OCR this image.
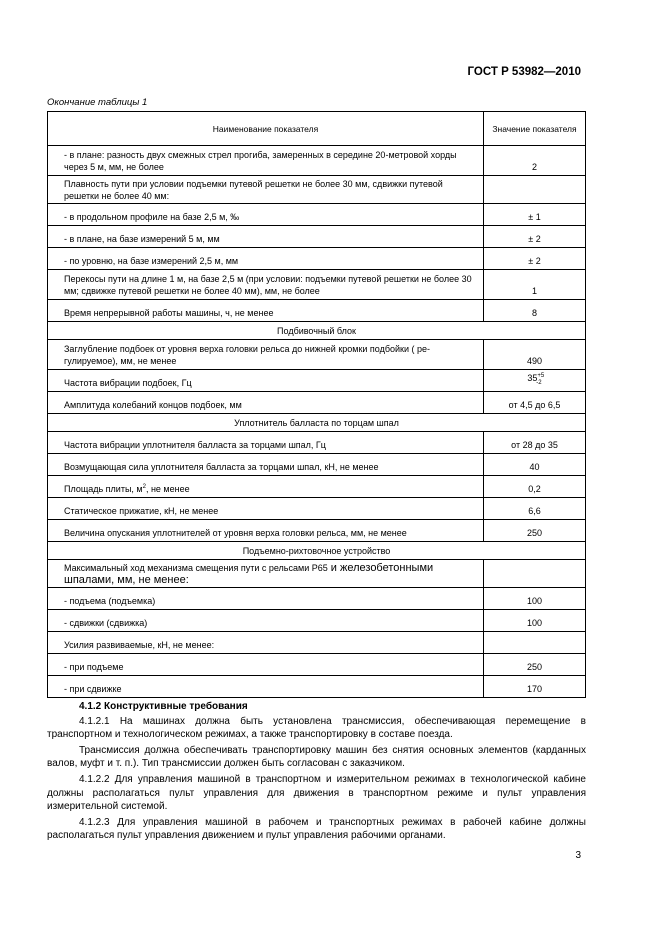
ГОСТ Р 53982—2010
Окончание таблицы 1
Наименование показателя	Значение показателя
- в плане: разность двух смежных стрел прогиба, замеренных в середине 20-метровой хорды через 5 м, мм, не более	2
Плавность пути при условии подъемки путевой решетки не более 30 мм, сдвижки путевой решетки не более 40 мм:	
- в продольном профиле на базе 2,5 м, ‰	± 1
- в плане, на базе измерений 5 м, мм	± 2
- по уровню, на базе измерений 2,5 м, мм	± 2
Перекосы пути на длине 1 м, на базе 2,5 м (при условии: подъемки путевой решетки не более 30 мм; сдвижке путевой решетки не более 40 мм), мм, не более	1
Время непрерывной работы машины, ч, не менее	8
Подбивочный блок	
Заглубление подбоек от уровня верха головки рельса до нижней кромки подбойки ( регулируемое), мм, не менее	490
Частота вибрации подбоек, Гц	$35^{+5}_{-2}$
Амплитуда колебаний концов подбоек, мм	от 4,5 до 6,5
Уплотнитель балласта по торцам шпал	
Частота вибрации уплотнителя балласта за торцами шпал, Гц	от 28 до 35
Возмущающая сила уплотнителя балласта за торцами шпал, кН, не менее	40
Площадь плиты, $м^2$, не менее	0,2
Статическое прижатие, кН, не менее	6,6
Величина опускания уплотнителей от уровня верха головки рельса, мм, не менее	250
Подъемно-рихтовочное устройство	
Максимальный ход механизма смещения пути с рельсами Р65 и железобетонными шпалами, мм, не менее:	
- подъема (подъемка)	100
- сдвижки (сдвижка)	100
Усилия развиваемые, кН, не менее:	
- при подъеме	250
- при сдвижке	170

4.1.2 Конструктивные требования

4.1.2.1 На машинах должна быть установлена трансмиссия, обеспечивающая перемещение в транспортном и технологическом режимах, а также транспортировку в составе поезда.

Трансмиссия должна обеспечивать транспортировку машин без снятия основных элементов (карданных валов, муфт и т. п.). Тип трансмиссии должен быть согласован с заказчиком.

4.1.2.2 Для управления машиной в транспортном и измерительном режимах в технологической кабине должны располагаться пульт управления для движения в транспортном режиме и пульт управления измерительной системой.

4.1.2.3 Для управления машиной в рабочем и транспортных режимах в рабочей кабине должны располагаться пульт управления движением и пульт управления рабочими органами.

3
